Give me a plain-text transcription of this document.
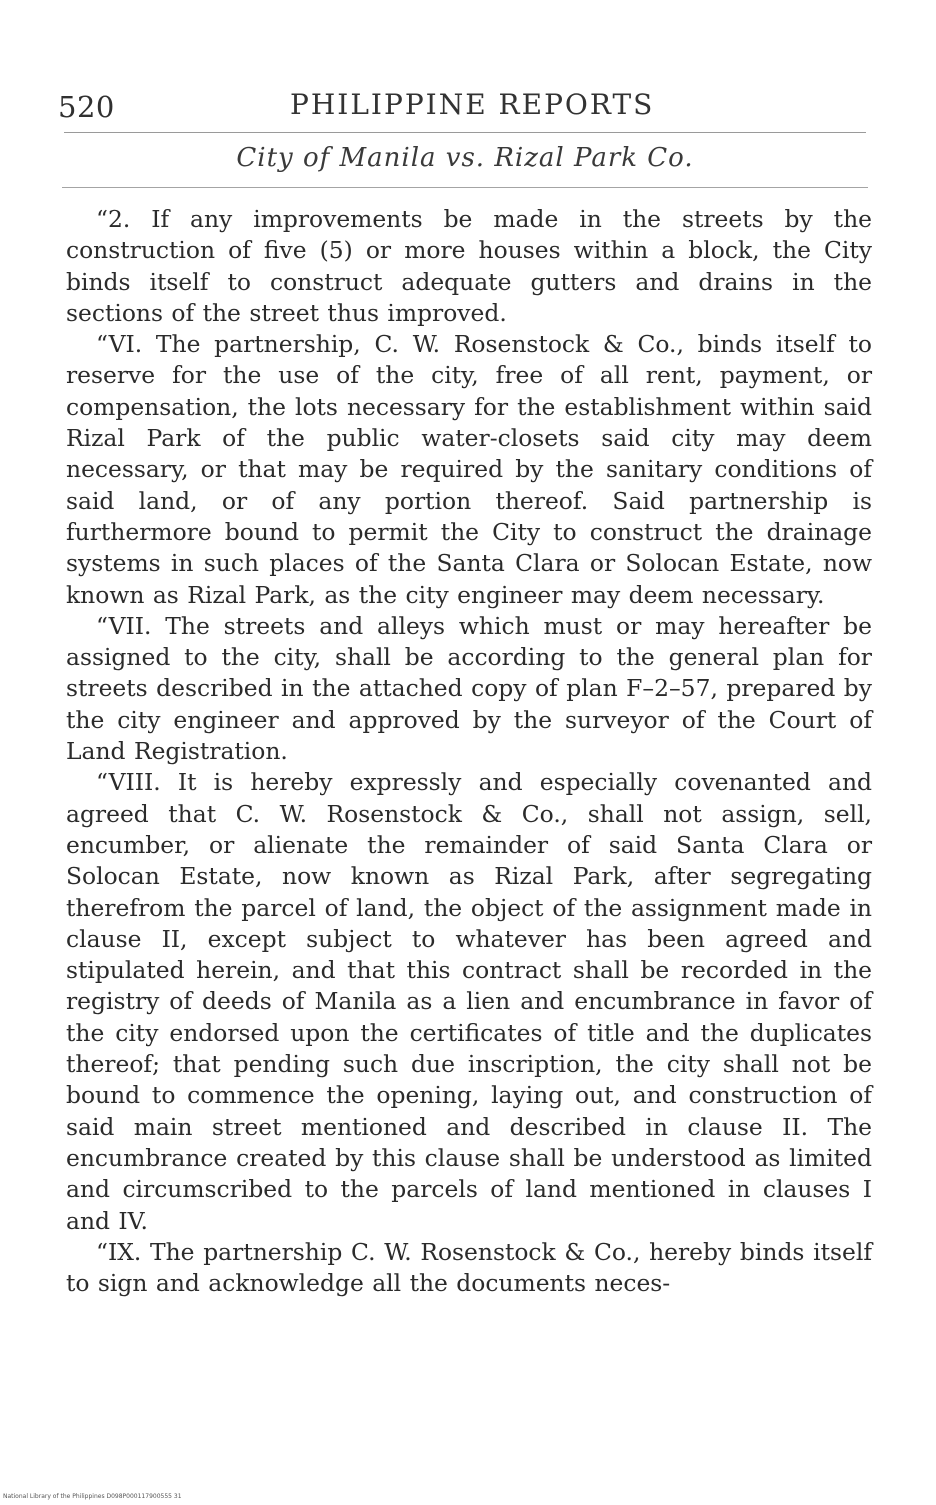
520	PHILIPPINE REPORTS
City of Manila vs. Rizal Park Co.

“2. If any improvements be made in the streets by the construction of five (5) or more houses within a block, the City binds itself to construct adequate gutters and drains in the sections of the street thus improved.

“VI. The partnership, C. W. Rosenstock & Co., binds itself to reserve for the use of the city, free of all rent, payment, or compensation, the lots necessary for the establishment within said Rizal Park of the public water-closets said city may deem necessary, or that may be required by the sanitary conditions of said land, or of any portion thereof. Said partnership is furthermore bound to permit the City to construct the drainage systems in such places of the Santa Clara or Solocan Estate, now known as Rizal Park, as the city engineer may deem necessary.

“VII. The streets and alleys which must or may hereafter be assigned to the city, shall be according to the general plan for streets described in the attached copy of plan F–2–57, prepared by the city engineer and approved by the surveyor of the Court of Land Registration.

“VIII. It is hereby expressly and especially covenanted and agreed that C. W. Rosenstock & Co., shall not assign, sell, encumber, or alienate the remainder of said Santa Clara or Solocan Estate, now known as Rizal Park, after segregating therefrom the parcel of land, the object of the assignment made in clause II, except subject to whatever has been agreed and stipulated herein, and that this contract shall be recorded in the registry of deeds of Manila as a lien and encumbrance in favor of the city endorsed upon the certificates of title and the duplicates thereof; that pending such due inscription, the city shall not be bound to commence the opening, laying out, and construction of said main street mentioned and described in clause II. The encumbrance created by this clause shall be understood as limited and circumscribed to the parcels of land mentioned in clauses I and IV.

“IX. The partnership C. W. Rosenstock & Co., hereby binds itself to sign and acknowledge all the documents neces-

National Library of the Philippines D098P000117900555 31
